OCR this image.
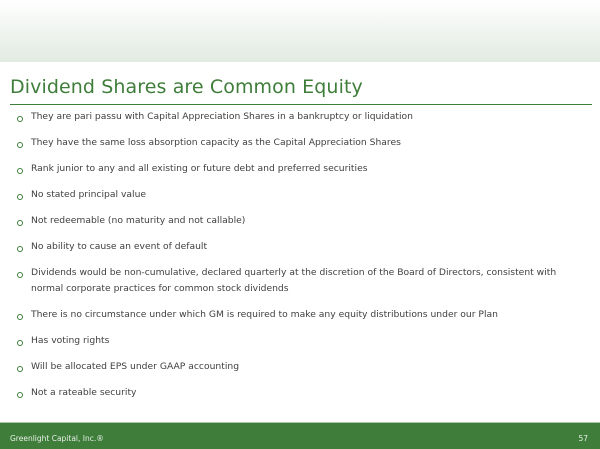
Dividend Shares are Common Equity
They are pari passu with Capital Appreciation Shares in a bankruptcy or liquidation
They have the same loss absorption capacity as the Capital Appreciation Shares
Rank junior to any and all existing or future debt and preferred securities
No stated principal value
Not redeemable (no maturity and not callable)
No ability to cause an event of default
Dividends would be non-cumulative, declared quarterly at the discretion of the Board of Directors, consistent with normal corporate practices for common stock dividends
There is no circumstance under which GM is required to make any equity distributions under our Plan
Has voting rights
Will be allocated EPS under GAAP accounting
Not a rateable security
Greenlight Capital, Inc.®	57
